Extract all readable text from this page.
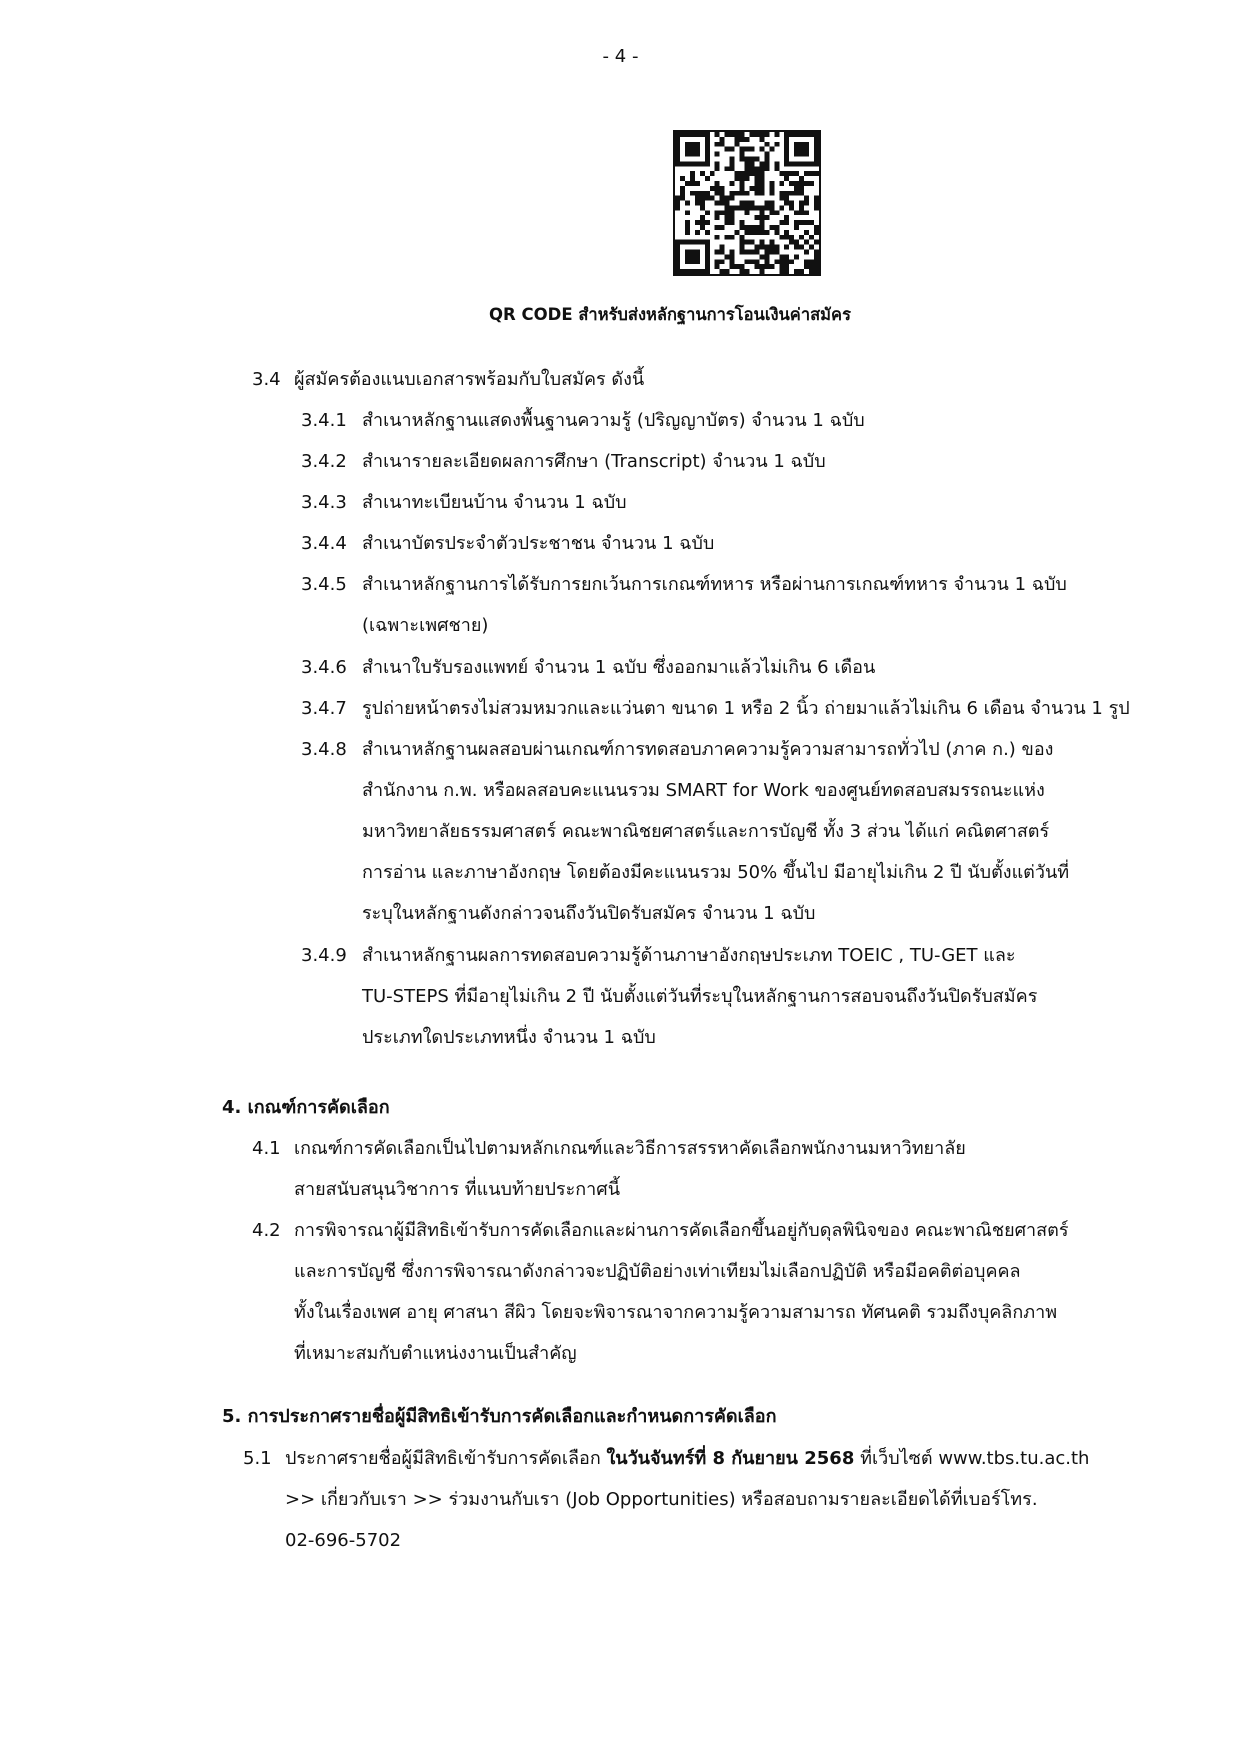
- 4 -
QR CODE สำหรับส่งหลักฐานการโอนเงินค่าสมัคร
3.4 ผู้สมัครต้องแนบเอกสารพร้อมกับใบสมัคร ดังนี้
3.4.1 สำเนาหลักฐานแสดงพื้นฐานความรู้ (ปริญญาบัตร) จำนวน 1 ฉบับ
3.4.2 สำเนารายละเอียดผลการศึกษา (Transcript) จำนวน 1 ฉบับ
3.4.3 สำเนาทะเบียนบ้าน จำนวน 1 ฉบับ
3.4.4 สำเนาบัตรประจำตัวประชาชน จำนวน 1 ฉบับ
3.4.5 สำเนาหลักฐานการได้รับการยกเว้นการเกณฑ์ทหาร หรือผ่านการเกณฑ์ทหาร จำนวน 1 ฉบับ
(เฉพาะเพศชาย)
3.4.6 สำเนาใบรับรองแพทย์ จำนวน 1 ฉบับ ซึ่งออกมาแล้วไม่เกิน 6 เดือน
3.4.7 รูปถ่ายหน้าตรงไม่สวมหมวกและแว่นตา ขนาด 1 หรือ 2 นิ้ว ถ่ายมาแล้วไม่เกิน 6 เดือน จำนวน 1 รูป
3.4.8 สำเนาหลักฐานผลสอบผ่านเกณฑ์การทดสอบภาคความรู้ความสามารถทั่วไป (ภาค ก.) ของ
สำนักงาน ก.พ. หรือผลสอบคะแนนรวม SMART for Work ของศูนย์ทดสอบสมรรถนะแห่ง
มหาวิทยาลัยธรรมศาสตร์ คณะพาณิชยศาสตร์และการบัญชี ทั้ง 3 ส่วน ได้แก่ คณิตศาสตร์
การอ่าน และภาษาอังกฤษ โดยต้องมีคะแนนรวม 50% ขึ้นไป มีอายุไม่เกิน 2 ปี นับตั้งแต่วันที่
ระบุในหลักฐานดังกล่าวจนถึงวันปิดรับสมัคร จำนวน 1 ฉบับ
3.4.9 สำเนาหลักฐานผลการทดสอบความรู้ด้านภาษาอังกฤษประเภท TOEIC , TU-GET และ
TU-STEPS ที่มีอายุไม่เกิน 2 ปี นับตั้งแต่วันที่ระบุในหลักฐานการสอบจนถึงวันปิดรับสมัคร
ประเภทใดประเภทหนึ่ง จำนวน 1 ฉบับ
4. เกณฑ์การคัดเลือก
4.1 เกณฑ์การคัดเลือกเป็นไปตามหลักเกณฑ์และวิธีการสรรหาคัดเลือกพนักงานมหาวิทยาลัย
สายสนับสนุนวิชาการ ที่แนบท้ายประกาศนี้
4.2 การพิจารณาผู้มีสิทธิเข้ารับการคัดเลือกและผ่านการคัดเลือกขึ้นอยู่กับดุลพินิจของ คณะพาณิชยศาสตร์
และการบัญชี ซึ่งการพิจารณาดังกล่าวจะปฏิบัติอย่างเท่าเทียมไม่เลือกปฏิบัติ หรือมีอคติต่อบุคคล
ทั้งในเรื่องเพศ อายุ ศาสนา สีผิว โดยจะพิจารณาจากความรู้ความสามารถ ทัศนคติ รวมถึงบุคลิกภาพ
ที่เหมาะสมกับตำแหน่งงานเป็นสำคัญ
5. การประกาศรายชื่อผู้มีสิทธิเข้ารับการคัดเลือกและกำหนดการคัดเลือก
5.1 ประกาศรายชื่อผู้มีสิทธิเข้ารับการคัดเลือก ในวันจันทร์ที่ 8 กันยายน 2568 ที่เว็บไซต์ www.tbs.tu.ac.th
>> เกี่ยวกับเรา >> ร่วมงานกับเรา (Job Opportunities) หรือสอบถามรายละเอียดได้ที่เบอร์โทร.
02-696-5702
